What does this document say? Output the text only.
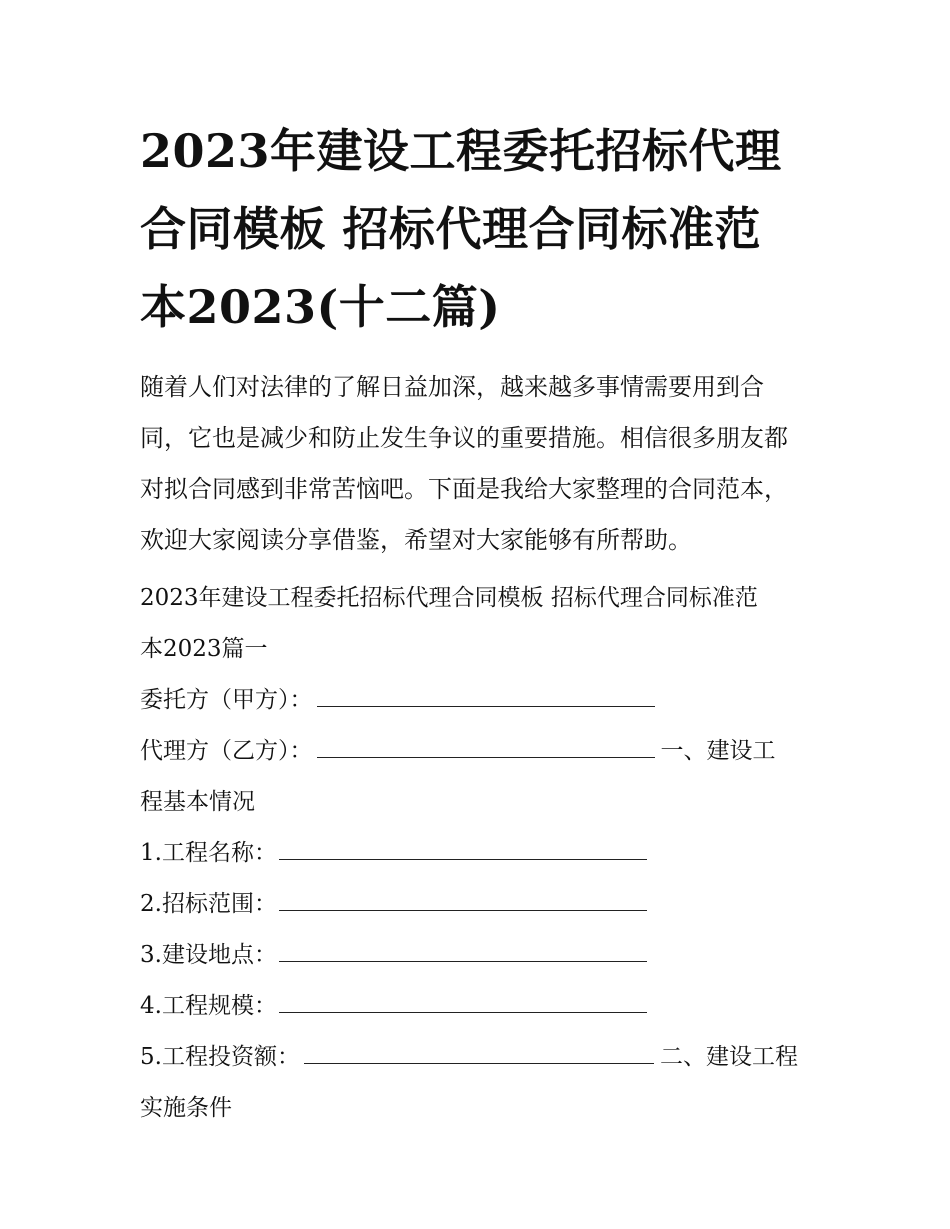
2023年建设工程委托招标代理
合同模板 招标代理合同标准范
本2023(十二篇)
随着人们对法律的了解日益加深，越来越多事情需要用到合
同，它也是减少和防止发生争议的重要措施。相信很多朋友都
对拟合同感到非常苦恼吧。下面是我给大家整理的合同范本，
欢迎大家阅读分享借鉴，希望对大家能够有所帮助。
2023年建设工程委托招标代理合同模板 招标代理合同标准范
本2023篇一
委托方（甲方）：
代理方（乙方）：	一、建设工
程基本情况
1.工程名称：
2.招标范围：
3.建设地点：
4.工程规模：
5.工程投资额：	二、建设工程
实施条件
